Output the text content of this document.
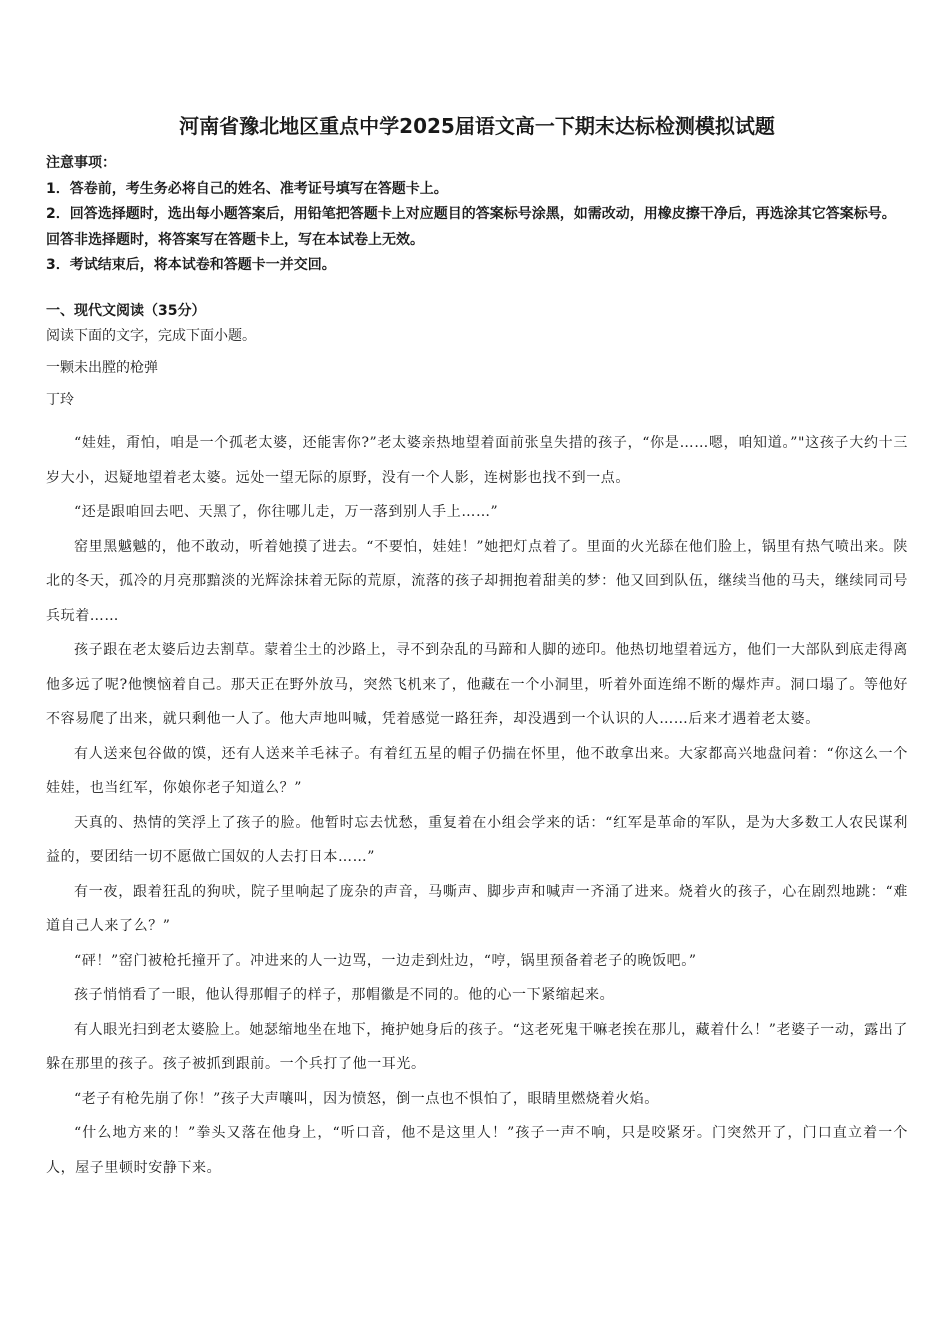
河南省豫北地区重点中学2025届语文高一下期末达标检测模拟试题

注意事项：

1．答卷前，考生务必将自己的姓名、准考证号填写在答题卡上。

2．回答选择题时，选出每小题答案后，用铅笔把答题卡上对应题目的答案标号涂黑，如需改动，用橡皮擦干净后，再选涂其它答案标号。回答非选择题时，将答案写在答题卡上，写在本试卷上无效。

3．考试结束后，将本试卷和答题卡一并交回。

一、现代文阅读（35分）

阅读下面的文字，完成下面小题。

一颗未出膛的枪弹

丁玲

“娃娃，甭怕，咱是一个孤老太婆，还能害你?”老太婆亲热地望着面前张皇失措的孩子，“你是……嗯，咱知道。”"这孩子大约十三岁大小，迟疑地望着老太婆。远处一望无际的原野，没有一个人影，连树影也找不到一点。

“还是跟咱回去吧、天黑了，你往哪儿走，万一落到别人手上……”

窑里黑魆魆的，他不敢动，听着她摸了进去。“不要怕，娃娃！”她把灯点着了。里面的火光舔在他们脸上，锅里有热气喷出来。陕北的冬天，孤冷的月亮那黯淡的光辉涂抹着无际的荒原，流落的孩子却拥抱着甜美的梦：他又回到队伍，继续当他的马夫，继续同司号兵玩着……

孩子跟在老太婆后边去割草。蒙着尘土的沙路上，寻不到杂乱的马蹄和人脚的迹印。他热切地望着远方，他们一大部队到底走得离他多远了呢?他懊恼着自己。那天正在野外放马，突然飞机来了，他藏在一个小洞里，听着外面连绵不断的爆炸声。洞口塌了。等他好不容易爬了出来，就只剩他一人了。他大声地叫喊，凭着感觉一路狂奔，却没遇到一个认识的人……后来才遇着老太婆。

有人送来包谷做的馍，还有人送来羊毛袜子。有着红五星的帽子仍揣在怀里，他不敢拿出来。大家都高兴地盘问着：“你这么一个娃娃，也当红军，你娘你老子知道么？”

天真的、热情的笑浮上了孩子的脸。他暂时忘去忧愁，重复着在小组会学来的话：“红军是革命的军队，是为大多数工人农民谋利益的，要团结一切不愿做亡国奴的人去打日本……”

有一夜，跟着狂乱的狗吠，院子里响起了庞杂的声音，马嘶声、脚步声和喊声一齐涌了进来。烧着火的孩子，心在剧烈地跳：“难道自己人来了么？”

“砰！”窑门被枪托撞开了。冲进来的人一边骂，一边走到灶边，“哼，锅里预备着老子的晚饭吧。”

孩子悄悄看了一眼，他认得那帽子的样子，那帽徽是不同的。他的心一下紧缩起来。

有人眼光扫到老太婆脸上。她瑟缩地坐在地下，掩护她身后的孩子。“这老死鬼干嘛老挨在那儿，藏着什么！”老婆子一动，露出了躲在那里的孩子。孩子被抓到跟前。一个兵打了他一耳光。

“老子有枪先崩了你！”孩子大声嚷叫，因为愤怒，倒一点也不惧怕了，眼睛里燃烧着火焰。

“什么地方来的！”拳头又落在他身上，“听口音，他不是这里人！”孩子一声不响，只是咬紧牙。门突然开了，门口直立着一个人，屋子里顿时安静下来。
